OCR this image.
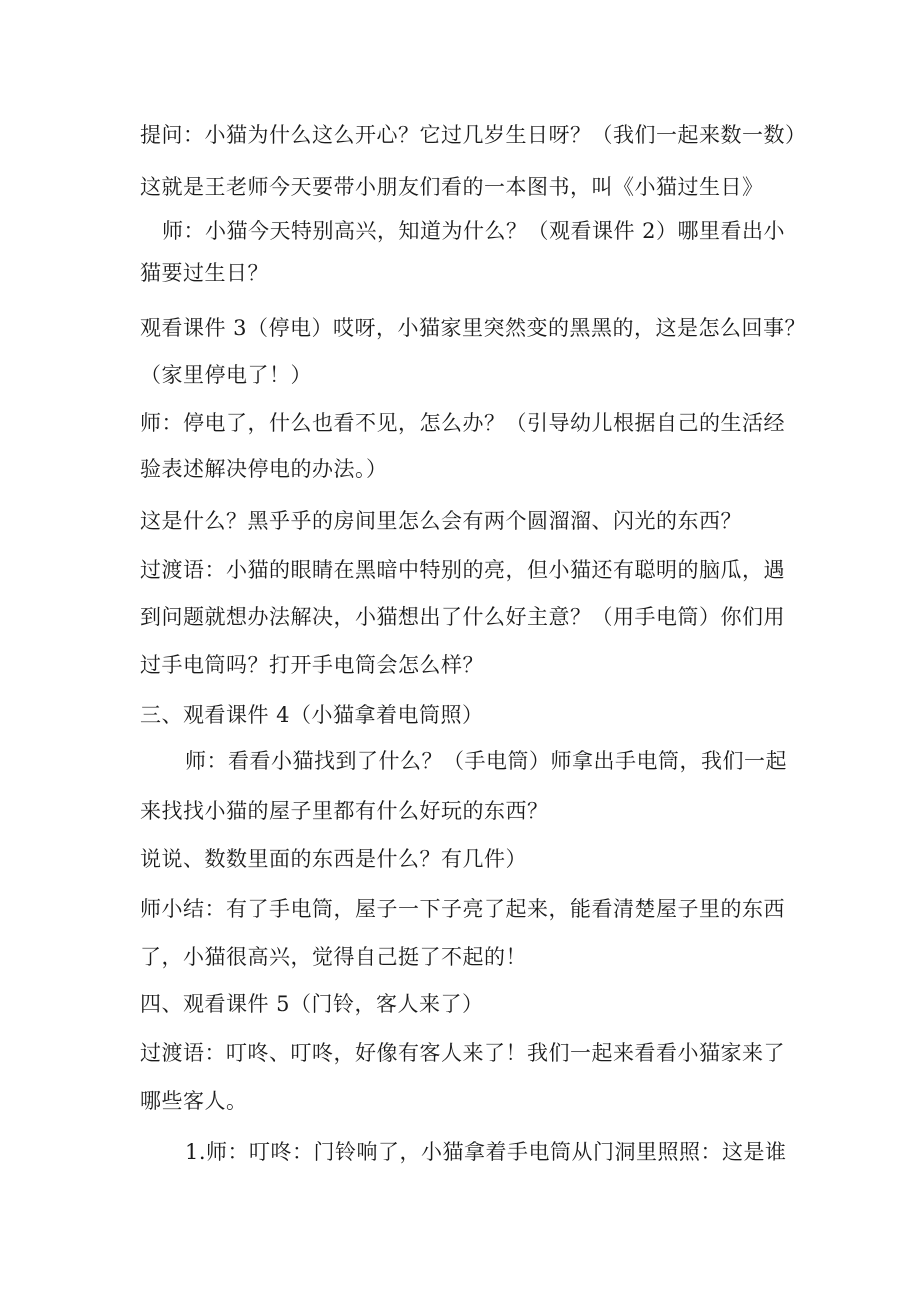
提问：小猫为什么这么开心？它过几岁生日呀？（我们一起来数一数）
这就是王老师今天要带小朋友们看的一本图书，叫《小猫过生日》
师：小猫今天特别高兴，知道为什么？（观看课件 2）哪里看出小
猫要过生日？
观看课件 3（停电）哎呀，小猫家里突然变的黑黑的，这是怎么回事？
（家里停电了！）
师：停电了，什么也看不见，怎么办？（引导幼儿根据自己的生活经
验表述解决停电的办法。）
这是什么？黑乎乎的房间里怎么会有两个圆溜溜、闪光的东西？
过渡语：小猫的眼睛在黑暗中特别的亮，但小猫还有聪明的脑瓜，遇
到问题就想办法解决，小猫想出了什么好主意？（用手电筒）你们用
过手电筒吗？打开手电筒会怎么样？
三、观看课件 4（小猫拿着电筒照）
师：看看小猫找到了什么？（手电筒）师拿出手电筒，我们一起
来找找小猫的屋子里都有什么好玩的东西？
说说、数数里面的东西是什么？有几件）
师小结：有了手电筒，屋子一下子亮了起来，能看清楚屋子里的东西
了，小猫很高兴，觉得自己挺了不起的！
四、观看课件 5（门铃，客人来了）
过渡语：叮咚、叮咚，好像有客人来了！我们一起来看看小猫家来了
哪些客人。
1.师：叮咚：门铃响了，小猫拿着手电筒从门洞里照照：这是谁
